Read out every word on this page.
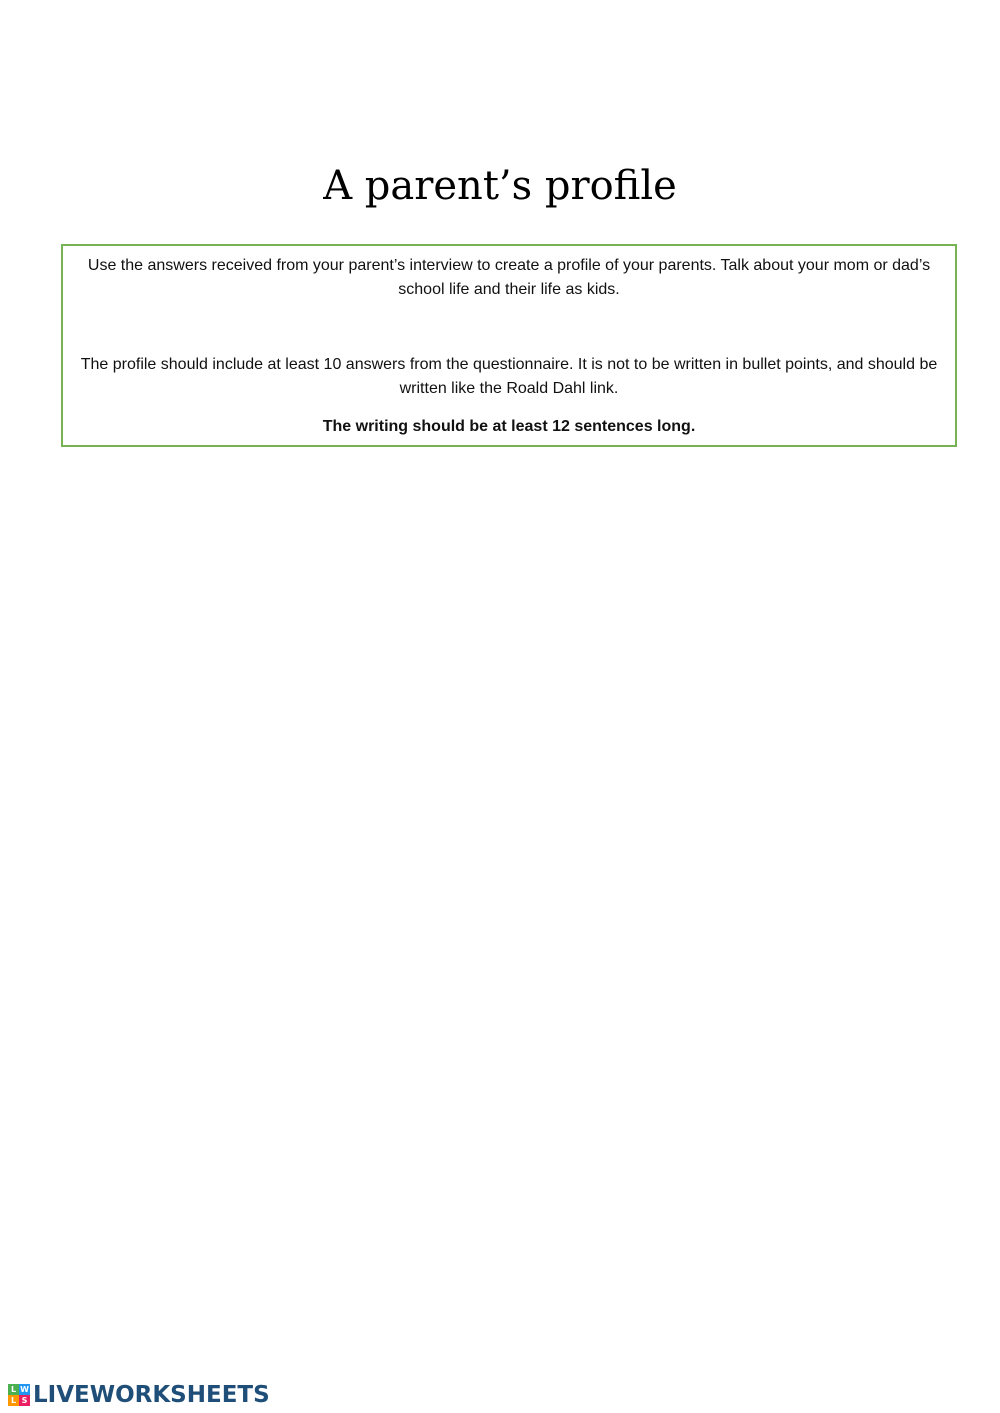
A parent’s profile

Use the answers received from your parent’s interview to create a profile of your parents. Talk about your mom or dad’s school life and their life as kids.

The profile should include at least 10 answers from the questionnaire. It is not to be written in bullet points, and should be written like the Roald Dahl link.

The writing should be at least 12 sentences long.

L W
L S LIVEWORKSHEETS
